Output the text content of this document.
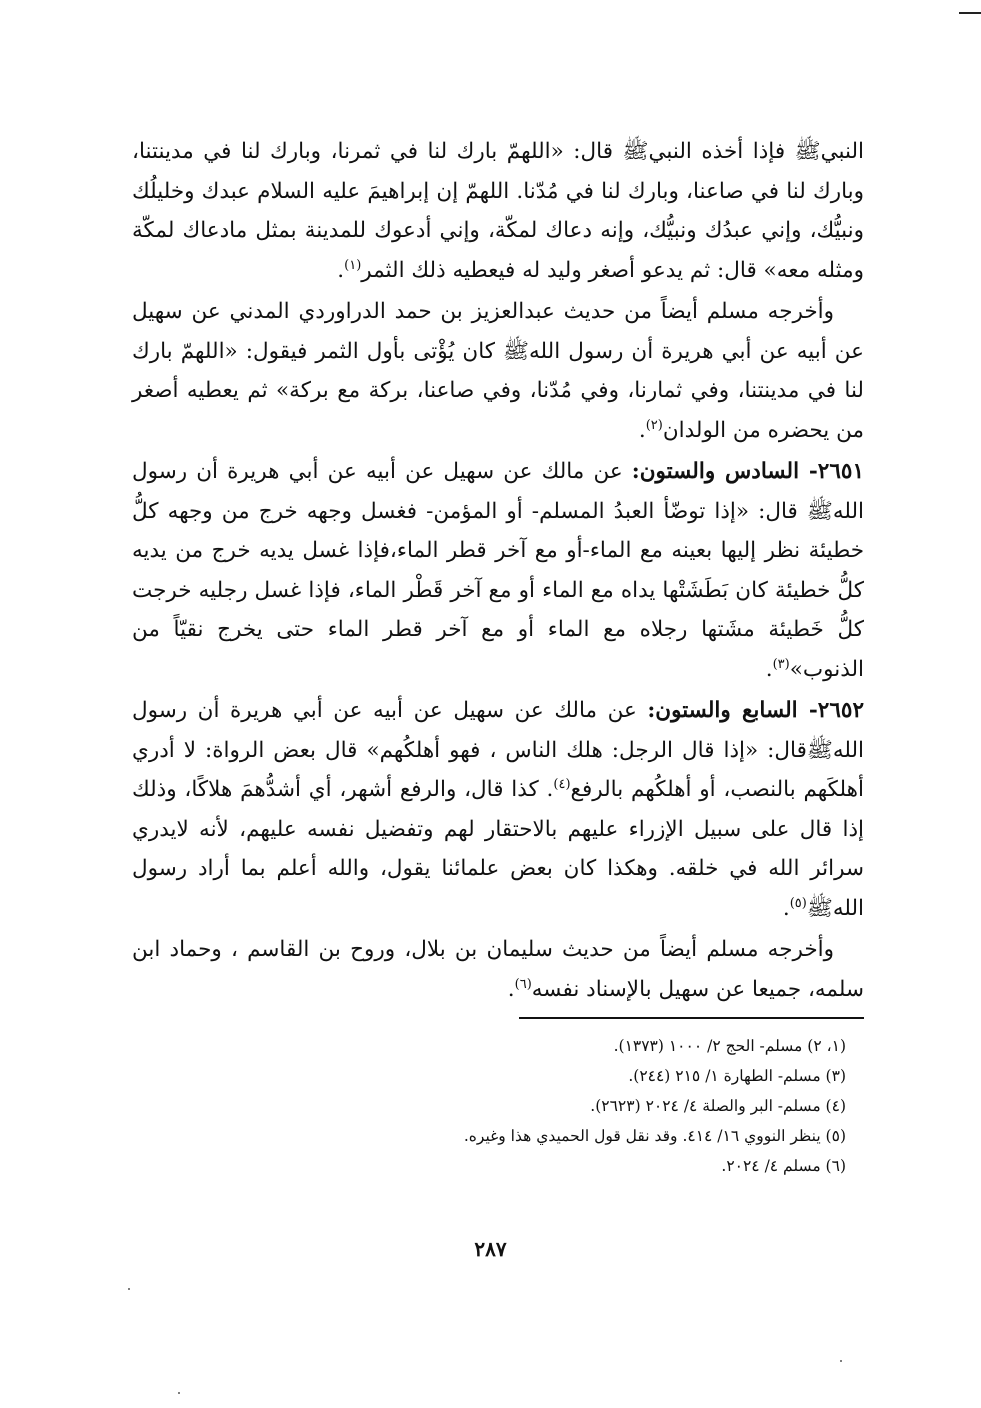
النبيﷺ فإذا أخذه النبيﷺ قال: «اللهمّ بارك لنا في ثمرنا، وبارك لنا في مدينتنا، وبارك لنا في صاعنا، وبارك لنا في مُدّنا. اللهمّ إن إبراهيمَ عليه السلام عبدك وخليلُك ونبيُّك، وإني عبدُك ونبيُّك، وإنه دعاك لمكّة، وإني أدعوك للمدينة بمثل مادعاك لمكّة ومثله معه» قال: ثم يدعو أصغر وليد له فيعطيه ذلك الثمر$^{(١)}$.

وأخرجه مسلم أيضاً من حديث عبدالعزيز بن حمد الدراوردي المدني عن سهيل عن أبيه عن أبي هريرة أن رسول اللهﷺ كان يُؤْتى بأول الثمر فيقول: «اللهمّ بارك لنا في مدينتنا، وفي ثمارنا، وفي مُدّنا، وفي صاعنا، بركة مع بركة» ثم يعطيه أصغر من يحضره من الولدان$^{(٢)}$.

٢٦٥١- السادس والستون: عن مالك عن سهيل عن أبيه عن أبي هريرة أن رسول اللهﷺ قال: «إذا توضّأ العبدُ المسلم- أو المؤمن- فغسل وجهه خرج من وجهه كلُّ خطيئة نظر إليها بعينه مع الماء-أو مع آخر قطر الماء،فإذا غسل يديه خرج من يديه كلُّ خطيئة كان بَطَشَتْها يداه مع الماء أو مع آخر قَطْر الماء، فإذا غسل رجليه خرجت كلُّ خَطيئة مشَتها رجلاه مع الماء أو مع آخر قطر الماء حتى يخرج نقيّاً من الذنوب»$^{(٣)}$.

٢٦٥٢- السابع والستون: عن مالك عن سهيل عن أبيه عن أبي هريرة أن رسول اللهﷺقال: «إذا قال الرجل: هلك الناس ، فهو أهلكُهم» قال بعض الرواة: لا أدري أهلكَهم بالنصب، أو أهلكُهم بالرفع$^{(٤)}$. كذا قال، والرفع أشهر، أي أشدُّهمَ هلاكًا، وذلك إذا قال على سبيل الإزراء عليهم بالاحتقار لهم وتفضيل نفسه عليهم، لأنه لايدري سرائر الله في خلقه. وهكذا كان بعض علمائنا يقول، والله أعلم بما أراد رسول اللهﷺ$^{(٥)}$.

وأخرجه مسلم أيضاً من حديث سليمان بن بلال، وروح بن القاسم ، وحماد ابن سلمه، جميعا عن سهيل بالإسناد نفسه$^{(٦)}$.

(١، ٢) مسلم- الحج ٢/ ١٠٠٠ (١٣٧٣).
(٣) مسلم- الطهارة ١/ ٢١٥ (٢٤٤).
(٤) مسلم- البر والصلة ٤/ ٢٠٢٤ (٢٦٢٣).
(٥) ينظر النووي ١٦/ ٤١٤. وقد نقل قول الحميدي هذا وغيره.
(٦) مسلم ٤/ ٢٠٢٤.
٢٨٧
